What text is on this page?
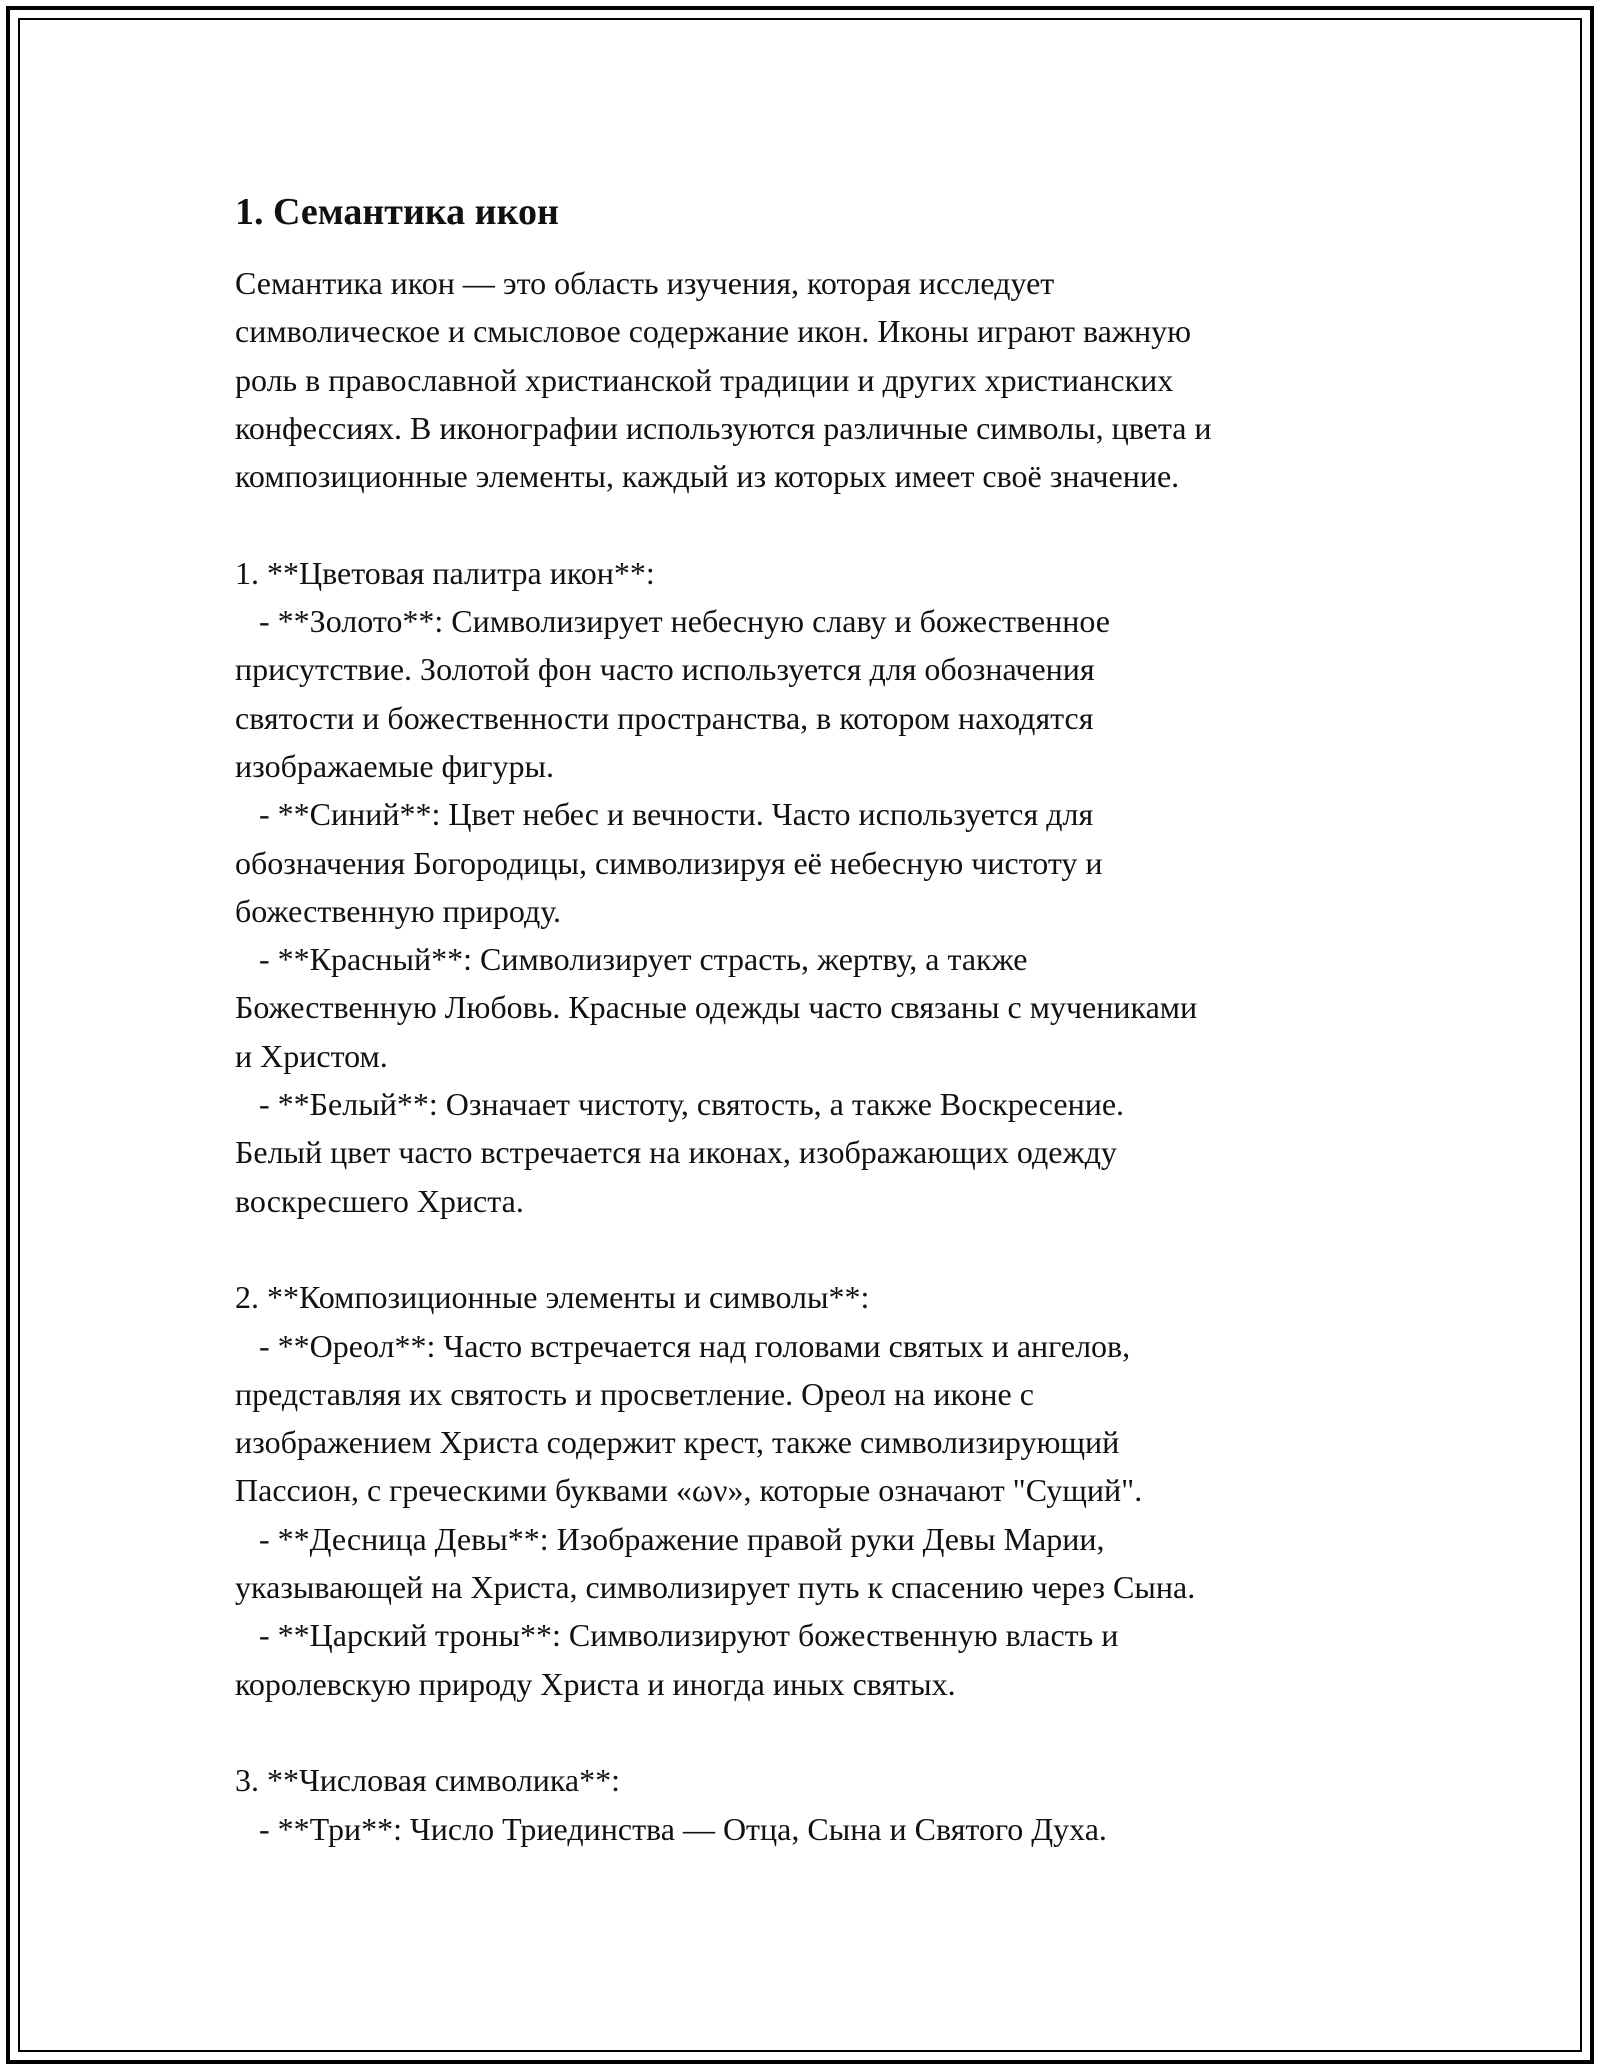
1. Семантика икон
Семантика икон — это область изучения, которая исследует
символическое и смысловое содержание икон. Иконы играют важную
роль в православной христианской традиции и других христианских
конфессиях. В иконографии используются различные символы, цвета и
композиционные элементы, каждый из которых имеет своё значение.
1. **Цветовая палитра икон**:
- **Золото**: Символизирует небесную славу и божественное
присутствие. Золотой фон часто используется для обозначения
святости и божественности пространства, в котором находятся
изображаемые фигуры.
- **Синий**: Цвет небес и вечности. Часто используется для
обозначения Богородицы, символизируя её небесную чистоту и
божественную природу.
- **Красный**: Символизирует страсть, жертву, а также
Божественную Любовь. Красные одежды часто связаны с мучениками
и Христом.
- **Белый**: Означает чистоту, святость, а также Воскресение.
Белый цвет часто встречается на иконах, изображающих одежду
воскресшего Христа.
2. **Композиционные элементы и символы**:
- **Ореол**: Часто встречается над головами святых и ангелов,
представляя их святость и просветление. Ореол на иконе с
изображением Христа содержит крест, также символизирующий
Пассион, с греческими буквами «ων», которые означают "Сущий".
- **Десница Девы**: Изображение правой руки Девы Марии,
указывающей на Христа, символизирует путь к спасению через Сына.
- **Царский троны**: Символизируют божественную власть и
королевскую природу Христа и иногда иных святых.
3. **Числовая символика**:
- **Три**: Число Триединства — Отца, Сына и Святого Духа.
